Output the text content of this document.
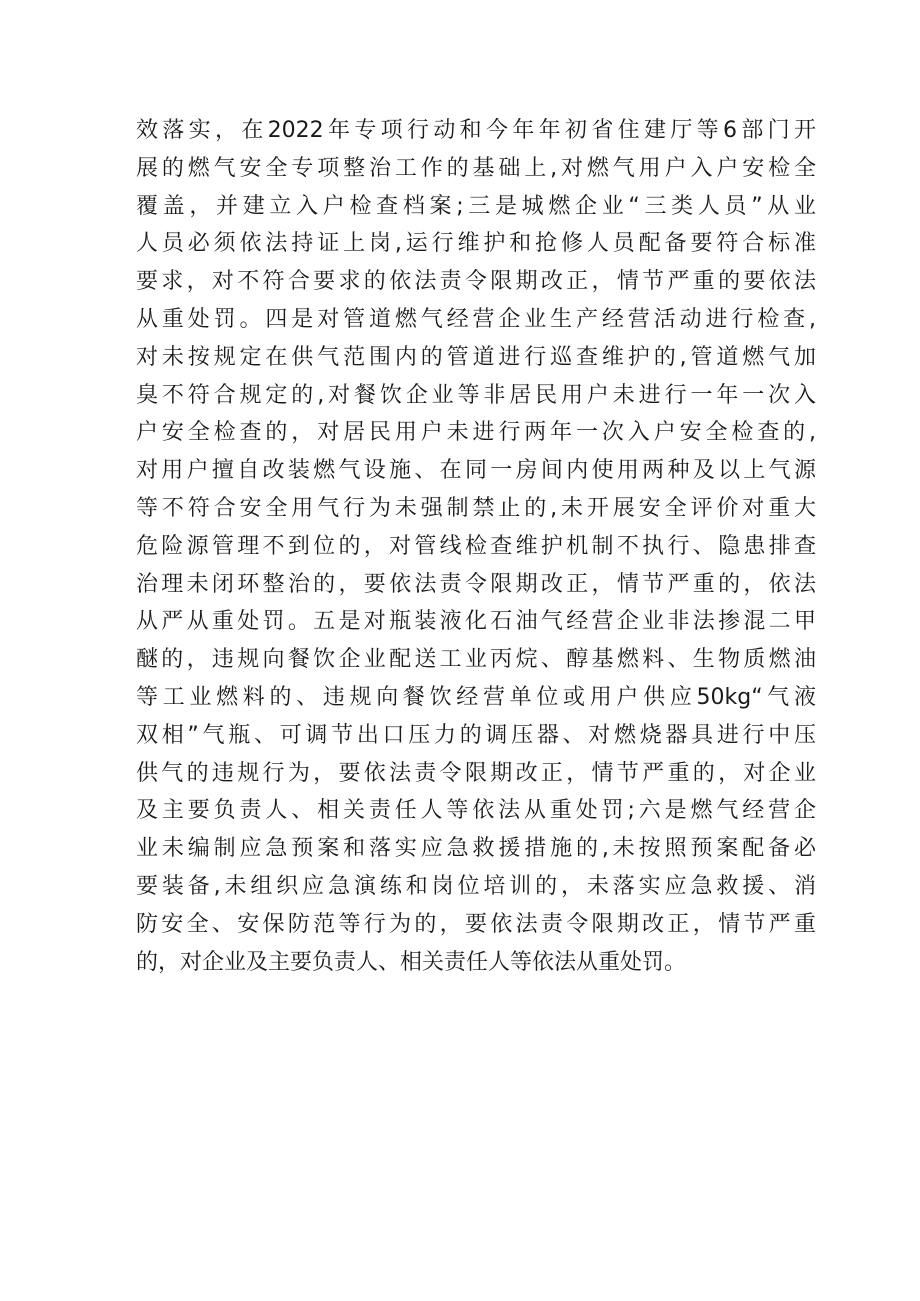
效落实，在2022年专项行动和今年年初省住建厅等6部门开
展的燃气安全专项整治工作的基础上,对燃气用户入户安检全
覆盖，并建立入户检查档案;三是城燃企业“三类人员”从业
人员必须依法持证上岗,运行维护和抢修人员配备要符合标准
要求，对不符合要求的依法责令限期改正，情节严重的要依法
从重处罚。四是对管道燃气经营企业生产经营活动进行检查,
对未按规定在供气范围内的管道进行巡查维护的,管道燃气加
臭不符合规定的,对餐饮企业等非居民用户未进行一年一次入
户安全检查的，对居民用户未进行两年一次入户安全检查的,
对用户擅自改装燃气设施、在同一房间内使用两种及以上气源
等不符合安全用气行为未强制禁止的,未开展安全评价对重大
危险源管理不到位的，对管线检查维护机制不执行、隐患排查
治理未闭环整治的，要依法责令限期改正，情节严重的，依法
从严从重处罚。五是对瓶装液化石油气经营企业非法掺混二甲
醚的，违规向餐饮企业配送工业丙烷、醇基燃料、生物质燃油
等工业燃料的、违规向餐饮经营单位或用户供应50kg“气液
双相”气瓶、可调节出口压力的调压器、对燃烧器具进行中压
供气的违规行为，要依法责令限期改正，情节严重的，对企业
及主要负责人、相关责任人等依法从重处罚;六是燃气经营企
业未编制应急预案和落实应急救援措施的,未按照预案配备必
要装备,未组织应急演练和岗位培训的，未落实应急救援、消
防安全、安保防范等行为的，要依法责令限期改正，情节严重
的，对企业及主要负责人、相关责任人等依法从重处罚。
